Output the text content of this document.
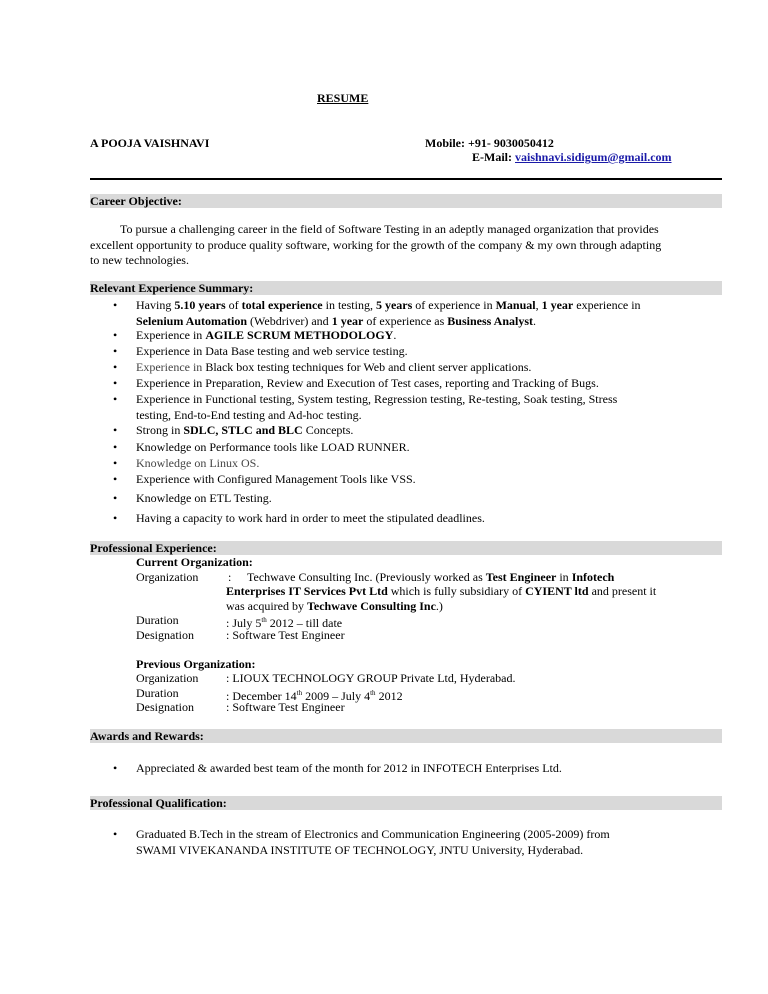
RESUME
A POOJA VAISHNAVI	Mobile: +91- 9030050412
E-Mail: vaishnavi.sidigum@gmail.com
Career Objective:
To pursue a challenging career in the field of Software Testing in an adeptly managed organization that provides
excellent opportunity to produce quality software, working for the growth of the company & my own through adapting
to new technologies.
Relevant Experience Summary:
• Having 5.10 years of total experience in testing, 5 years of experience in Manual, 1 year experience in
Selenium Automation (Webdriver) and 1 year of experience as Business Analyst.
• Experience in AGILE SCRUM METHODOLOGY.
• Experience in Data Base testing and web service testing.
• Experience in Black box testing techniques for Web and client server applications.
• Experience in Preparation, Review and Execution of Test cases, reporting and Tracking of Bugs.
• Experience in Functional testing, System testing, Regression testing, Re-testing, Soak testing, Stress
testing, End-to-End testing and Ad-hoc testing.
• Strong in SDLC, STLC and BLC Concepts.
• Knowledge on Performance tools like LOAD RUNNER.
• Knowledge on Linux OS.
• Experience with Configured Management Tools like VSS.
• Knowledge on ETL Testing.
• Having a capacity to work hard in order to meet the stipulated deadlines.
Professional Experience:
Current Organization:
Organization : Techwave Consulting Inc. (Previously worked as Test Engineer in Infotech
Enterprises IT Services Pvt Ltd which is fully subsidiary of CYIENT ltd and present it
was acquired by Techwave Consulting Inc.)
Duration	: July 5th 2012 – till date
Designation	: Software Test Engineer
Previous Organization:
Organization : LIOUX TECHNOLOGY GROUP Private Ltd, Hyderabad.
Duration	: December 14th 2009 – July 4th 2012
Designation	: Software Test Engineer
Awards and Rewards:
• Appreciated & awarded best team of the month for 2012 in INFOTECH Enterprises Ltd.
Professional Qualification:
• Graduated B.Tech in the stream of Electronics and Communication Engineering (2005-2009) from
SWAMI VIVEKANANDA INSTITUTE OF TECHNOLOGY, JNTU University, Hyderabad.
